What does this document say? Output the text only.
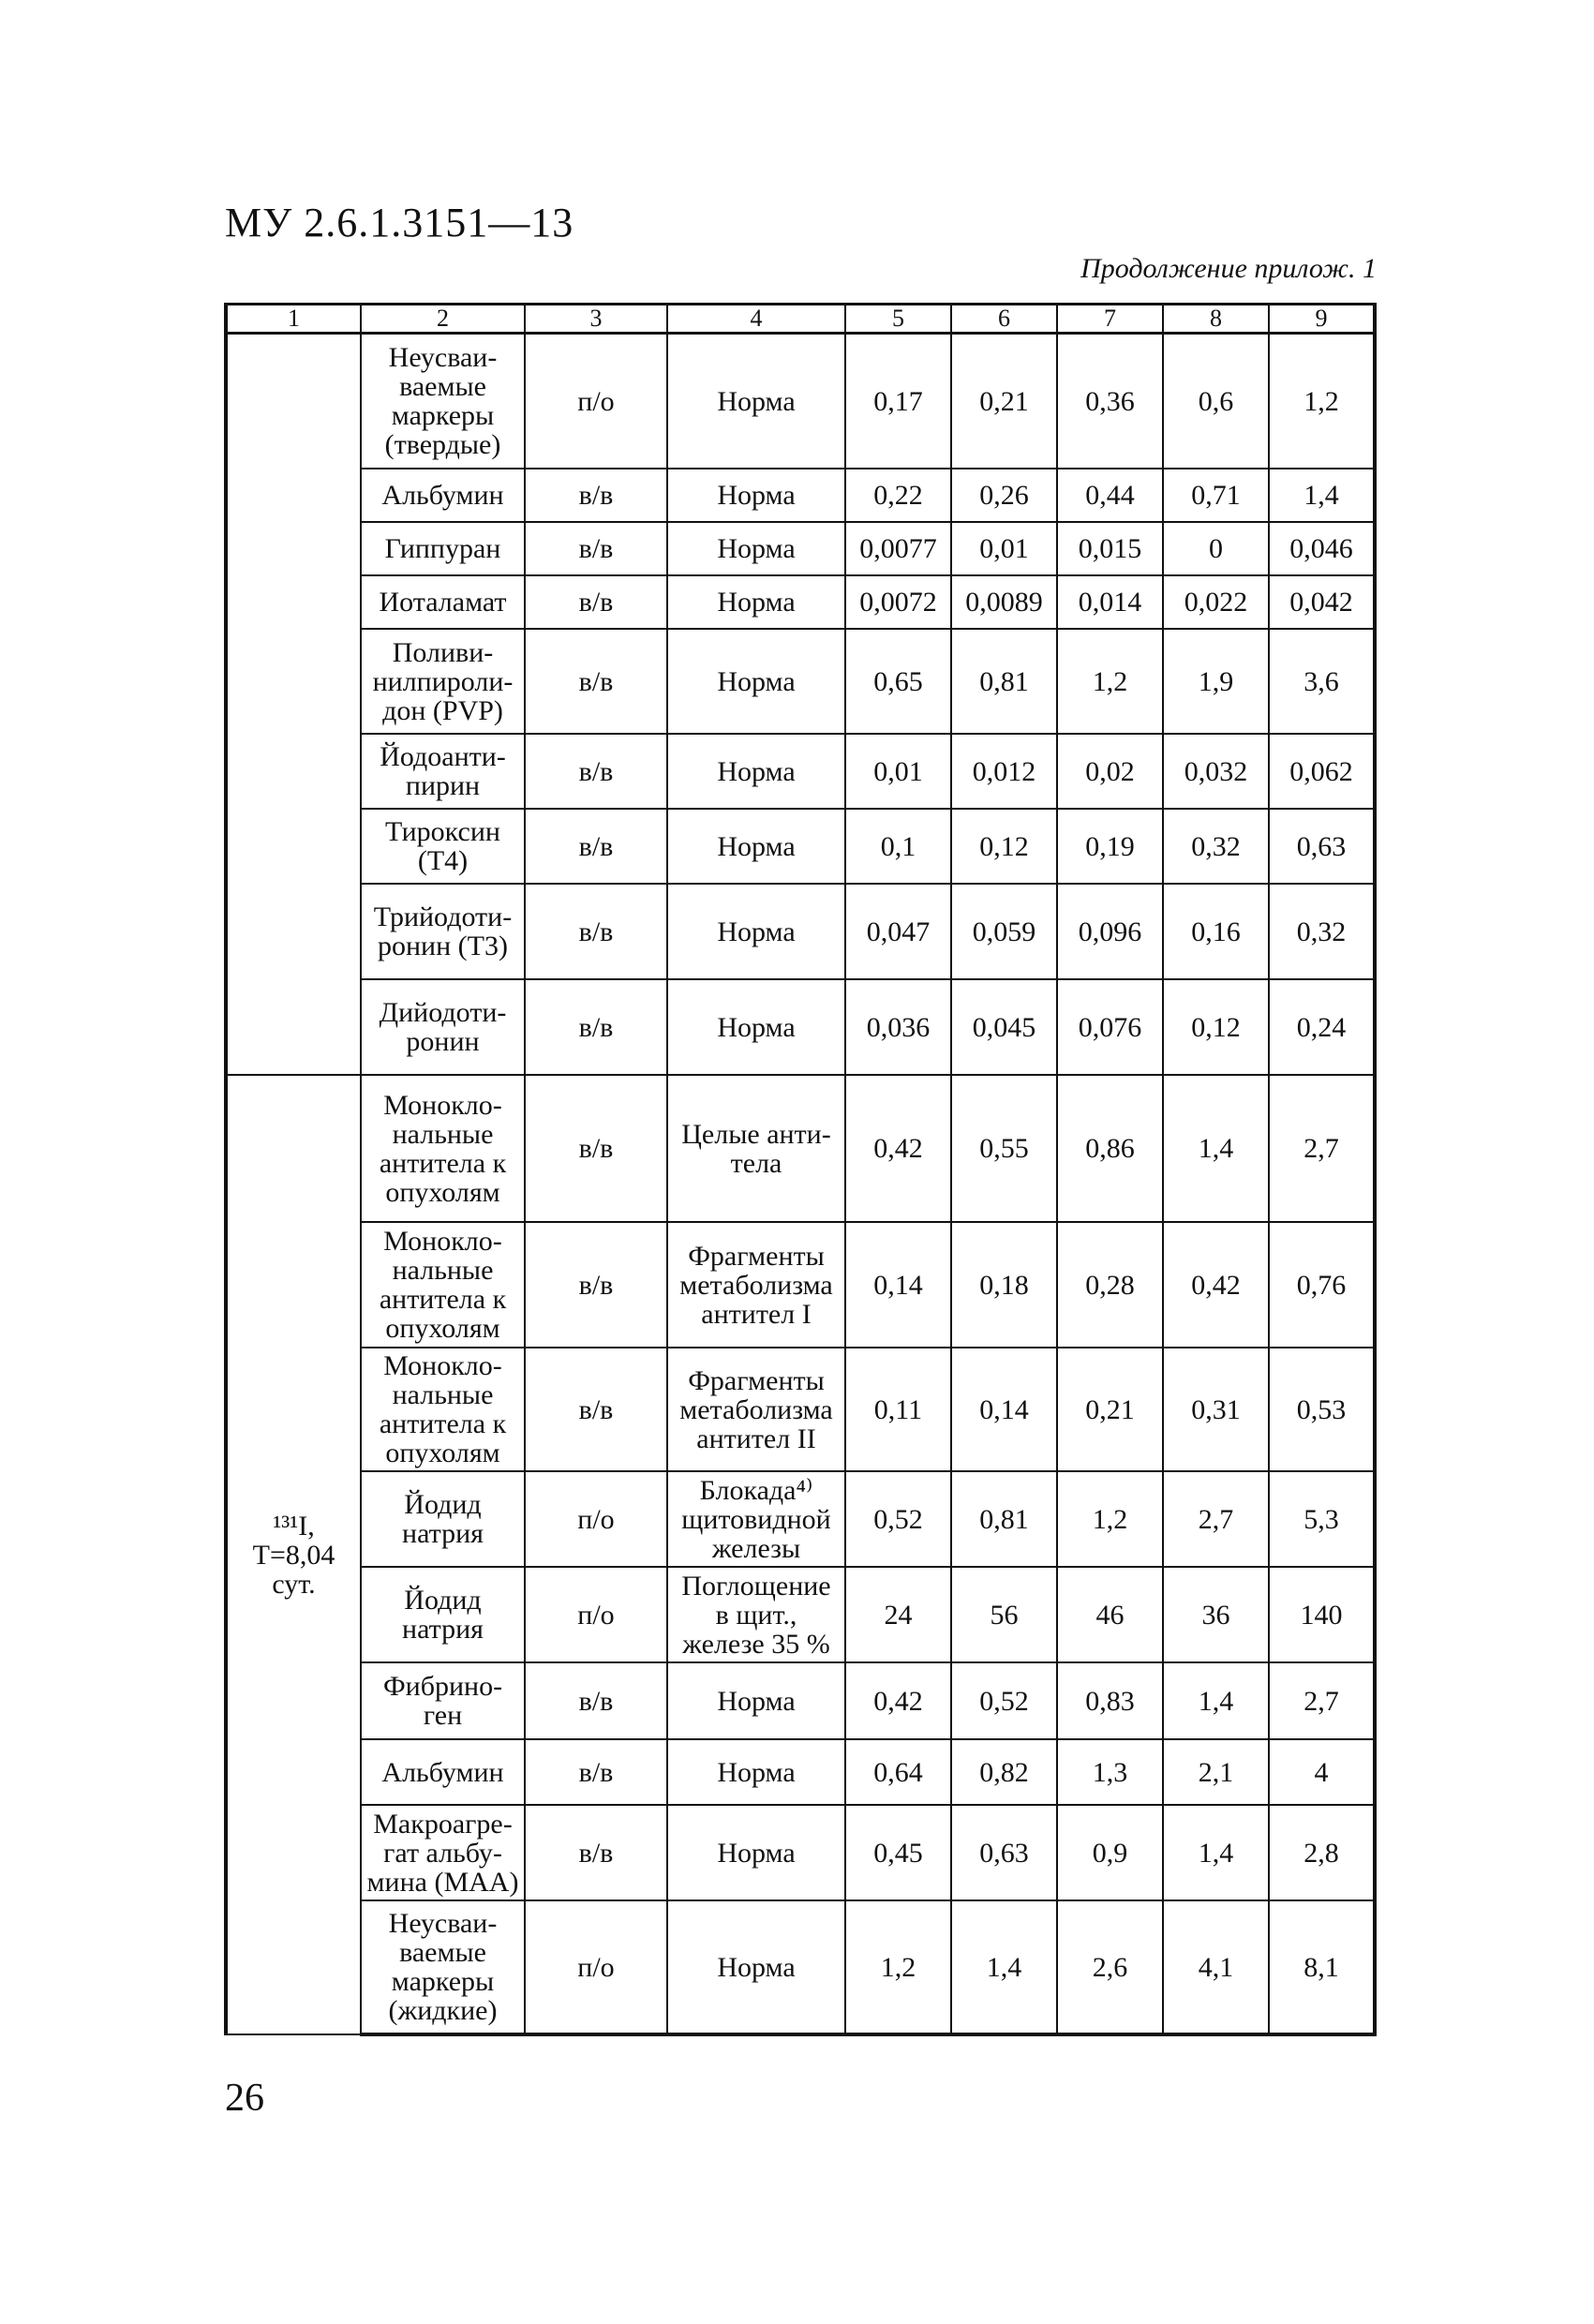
МУ 2.6.1.3151—13
Продолжение прилож. 1
1	2	3	4	5	6	7	8	9
	Неусваи-
ваемые
маркеры
(твердые)	п/о	Норма	0,17	0,21	0,36	0,6	1,2
	Альбумин	в/в	Норма	0,22	0,26	0,44	0,71	1,4
	Гиппуран	в/в	Норма	0,0077	0,01	0,015	0	0,046
	Иоталамат	в/в	Норма	0,0072	0,0089	0,014	0,022	0,042
	Поливи-
нилпироли-
дон (PVP)	в/в	Норма	0,65	0,81	1,2	1,9	3,6
	Йодоанти-
пирин	в/в	Норма	0,01	0,012	0,02	0,032	0,062
	Тироксин
(Т4)	в/в	Норма	0,1	0,12	0,19	0,32	0,63
	Трийодоти-
ронин (Т3)	в/в	Норма	0,047	0,059	0,096	0,16	0,32
	Дийодоти-
ронин	в/в	Норма	0,036	0,045	0,076	0,12	0,24
¹³¹I,
Т=8,04
сут.	Монокло-
нальные
антитела к
опухолям	в/в	Целые анти-
тела	0,42	0,55	0,86	1,4	2,7
	Монокло-
нальные
антитела к
опухолям	в/в	Фрагменты
метаболизма
антител I	0,14	0,18	0,28	0,42	0,76
	Монокло-
нальные
антитела к
опухолям	в/в	Фрагменты
метаболизма
антител II	0,11	0,14	0,21	0,31	0,53
	Йодид
натрия	п/о	Блокада⁴⁾
щитовидной
железы	0,52	0,81	1,2	2,7	5,3
	Йодид
натрия	п/о	Поглощение
в щит.,
железе 35 %	24	56	46	36	140
	Фибрино-
ген	в/в	Норма	0,42	0,52	0,83	1,4	2,7
	Альбумин	в/в	Норма	0,64	0,82	1,3	2,1	4
	Макроагре-
гат альбу-
мина (МАА)	в/в	Норма	0,45	0,63	0,9	1,4	2,8
	Неусваи-
ваемые
маркеры
(жидкие)	п/о	Норма	1,2	1,4	2,6	4,1	8,1
26
